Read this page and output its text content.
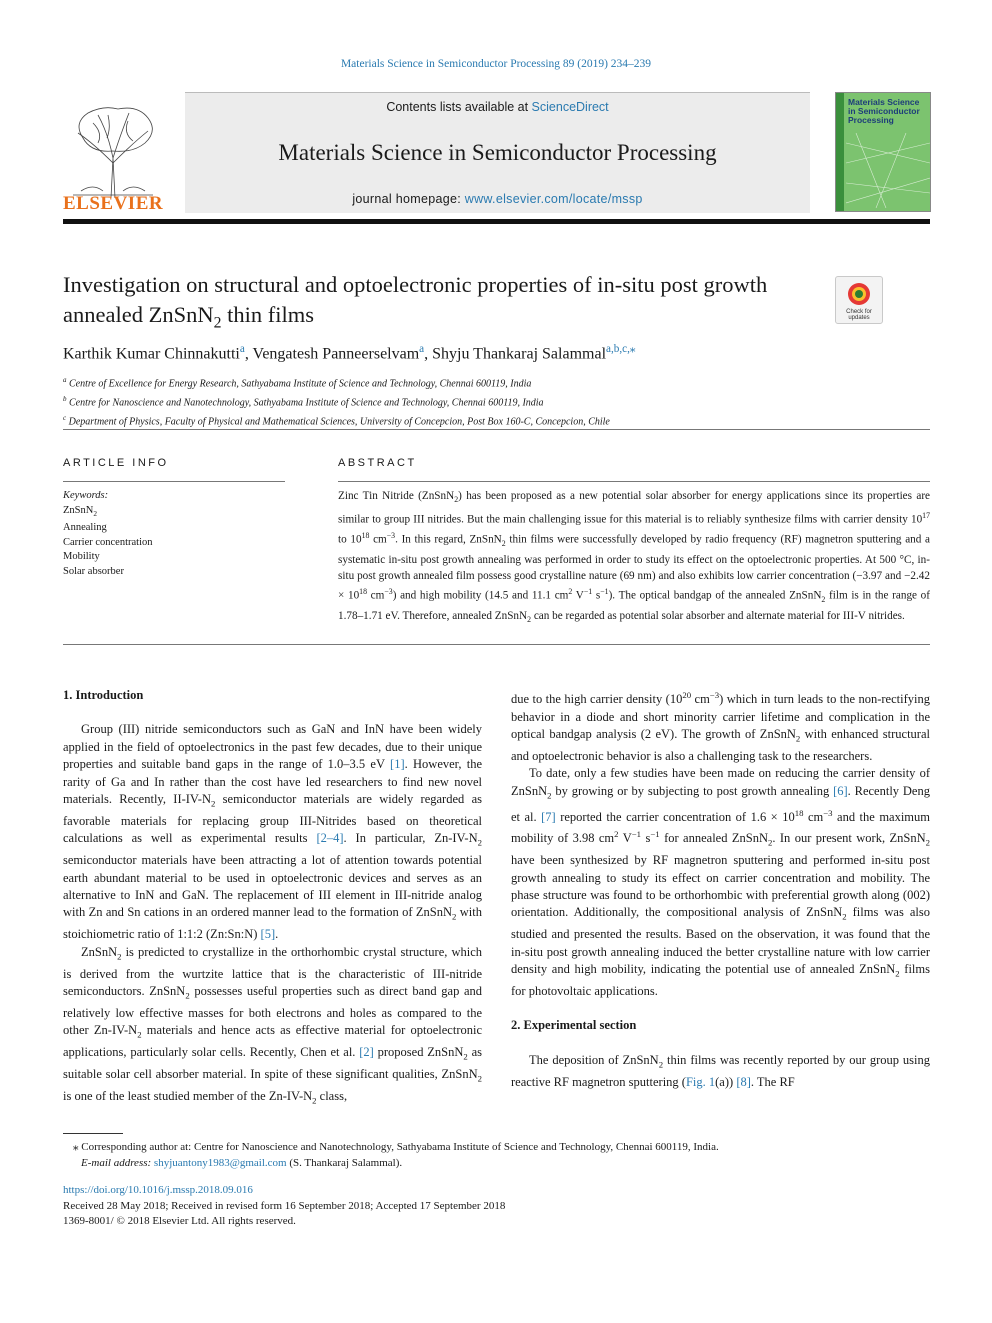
Materials Science in Semiconductor Processing 89 (2019) 234–239
ELSEVIER
Contents lists available at ScienceDirect
Materials Science in Semiconductor Processing
journal homepage: www.elsevier.com/locate/mssp
Materials Science in Semiconductor Processing
Investigation on structural and optoelectronic properties of in-situ post growth annealed ZnSnN$_2$ thin films	Check for
updates
Karthik Kumar Chinnakutti$^a$, Vengatesh Panneerselvam$^a$, Shyju Thankaraj Salammal$^{a,b,c,⁎}$
$^a$ Centre of Excellence for Energy Research, Sathyabama Institute of Science and Technology, Chennai 600119, India
$^b$ Centre for Nanoscience and Nanotechnology, Sathyabama Institute of Science and Technology, Chennai 600119, India
$^c$ Department of Physics, Faculty of Physical and Mathematical Sciences, University of Concepcion, Post Box 160-C, Concepcion, Chile
ARTICLE INFO	ABSTRACT
Keywords:
ZnSnN$_2$
Annealing
Carrier concentration
Mobility
Solar absorber
Zinc Tin Nitride (ZnSnN$_2$) has been proposed as a new potential solar absorber for energy applications since its properties are similar to group III nitrides. But the main challenging issue for this material is to reliably synthesize films with carrier density $10^{17}$ to $10^{18}$ $cm^{-3}$. In this regard, ZnSnN$_2$ thin films were successfully developed by radio frequency (RF) magnetron sputtering and a systematic in-situ post growth annealing was performed in order to study its effect on the optoelectronic properties. At 500 °C, in-situ post growth annealed film possess good crystalline nature (69 nm) and also exhibits low carrier concentration (−3.97 and $-2.42 \times 10^{18}$ $cm^{-3}$) and high mobility (14.5 and 11.1 $cm^2$ $V^{-1}$ $s^{-1}$). The optical bandgap of the annealed ZnSnN$_2$ film is in the range of 1.78–1.71 eV. Therefore, annealed ZnSnN$_2$ can be regarded as potential solar absorber and alternate material for III-V nitrides.
1. Introduction

Group (III) nitride semiconductors such as GaN and InN have been widely applied in the field of optoelectronics in the past few decades, due to their unique properties and suitable band gaps in the range of 1.0–3.5 eV [1]. However, the rarity of Ga and In rather than the cost have led researchers to find new novel materials. Recently, $II-IV-N_2$ semiconductor materials are widely regarded as favorable materials for replacing group III-Nitrides based on theoretical calculations as well as experimental results [2–4]. In particular, $Zn-IV-N_2$ semiconductor materials have been attracting a lot of attention towards potential earth abundant material to be used in optoelectronic devices and serves as an alternative to InN and GaN. The replacement of III element in III-nitride analog with Zn and Sn cations in an ordered manner lead to the formation of ZnSnN$_2$ with stoichiometric ratio of 1:1:2 (Zn:Sn:N) [5].

ZnSnN$_2$ is predicted to crystallize in the orthorhombic crystal structure, which is derived from the wurtzite lattice that is the characteristic of III-nitride semiconductors. ZnSnN$_2$ possesses useful properties such as direct band gap and relatively low effective masses for both electrons and holes as compared to the other $Zn-IV-N_2$ materials and hence acts as effective material for optoelectronic applications, particularly solar cells. Recently, Chen et al. [2] proposed ZnSnN$_2$ as suitable solar cell absorber material. In spite of these significant qualities, ZnSnN$_2$ is one of the least studied member of the $Zn-IV-N_2$ class,

due to the high carrier density ($10^{20}$ $cm^{-3}$) which in turn leads to the non-rectifying behavior in a diode and short minority carrier lifetime and complication in the optical bandgap analysis (2 eV). The growth of ZnSnN$_2$ with enhanced structural and optoelectronic behavior is also a challenging task to the researchers.

To date, only a few studies have been made on reducing the carrier density of ZnSnN$_2$ by growing or by subjecting to post growth annealing [6]. Recently Deng et al. [7] reported the carrier concentration of $1.6 \times 10^{18}$ $cm^{-3}$ and the maximum mobility of 3.98 $cm^2$ $V^{-1}$ $s^{-1}$ for annealed ZnSnN$_2$. In our present work, ZnSnN$_2$ have been synthesized by RF magnetron sputtering and performed in-situ post growth annealing to study its effect on carrier concentration and mobility. The phase structure was found to be orthorhombic with preferential growth along (002) orientation. Additionally, the compositional analysis of ZnSnN$_2$ films was also studied and presented the results. Based on the observation, it was found that the in-situ post growth annealing induced the better crystalline nature with low carrier density and high mobility, indicating the potential use of annealed ZnSnN$_2$ films for photovoltaic applications.

2. Experimental section

The deposition of ZnSnN$_2$ thin films was recently reported by our group using reactive RF magnetron sputtering (Fig. 1(a)) [8]. The RF

⁎ Corresponding author at: Centre for Nanoscience and Nanotechnology, Sathyabama Institute of Science and Technology, Chennai 600119, India.
E-mail address: shyjuantony1983@gmail.com (S. Thankaraj Salammal).
https://doi.org/10.1016/j.mssp.2018.09.016
Received 28 May 2018; Received in revised form 16 September 2018; Accepted 17 September 2018
1369-8001/ © 2018 Elsevier Ltd. All rights reserved.
